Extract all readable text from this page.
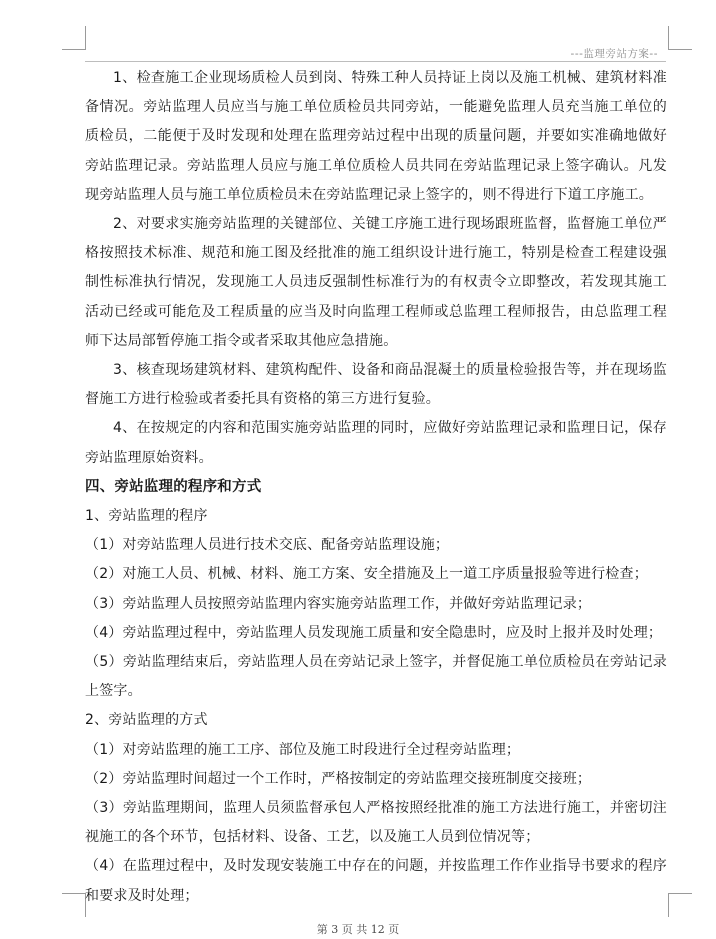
---监理旁站方案--

1、检查施工企业现场质检人员到岗、特殊工种人员持证上岗以及施工机械、建筑材料准备情况。旁站监理人员应当与施工单位质检员共同旁站，一能避免监理人员充当施工单位的质检员，二能便于及时发现和处理在监理旁站过程中出现的质量问题，并要如实准确地做好旁站监理记录。旁站监理人员应与施工单位质检人员共同在旁站监理记录上签字确认。凡发现旁站监理人员与施工单位质检员未在旁站监理记录上签字的，则不得进行下道工序施工。

2、对要求实施旁站监理的关键部位、关键工序施工进行现场跟班监督，监督施工单位严格按照技术标准、规范和施工图及经批准的施工组织设计进行施工，特别是检查工程建设强制性标准执行情况，发现施工人员违反强制性标准行为的有权责令立即整改，若发现其施工活动已经或可能危及工程质量的应当及时向监理工程师或总监理工程师报告，由总监理工程师下达局部暂停施工指令或者采取其他应急措施。

3、核查现场建筑材料、建筑构配件、设备和商品混凝土的质量检验报告等，并在现场监督施工方进行检验或者委托具有资格的第三方进行复验。

4、在按规定的内容和范围实施旁站监理的同时，应做好旁站监理记录和监理日记，保存旁站监理原始资料。

四、旁站监理的程序和方式

1、旁站监理的程序

（1）对旁站监理人员进行技术交底、配备旁站监理设施；

（2）对施工人员、机械、材料、施工方案、安全措施及上一道工序质量报验等进行检查；

（3）旁站监理人员按照旁站监理内容实施旁站监理工作，并做好旁站监理记录；

（4）旁站监理过程中，旁站监理人员发现施工质量和安全隐患时，应及时上报并及时处理；

（5）旁站监理结束后，旁站监理人员在旁站记录上签字，并督促施工单位质检员在旁站记录上签字。

2、旁站监理的方式

（1）对旁站监理的施工工序、部位及施工时段进行全过程旁站监理；

（2）旁站监理时间超过一个工作时，严格按制定的旁站监理交接班制度交接班；

（3）旁站监理期间，监理人员须监督承包人严格按照经批准的施工方法进行施工，并密切注视施工的各个环节，包括材料、设备、工艺，以及施工人员到位情况等；

（4）在监理过程中，及时发现安装施工中存在的问题，并按监理工作作业指导书要求的程序和要求及时处理；

第 3 页 共 12 页
